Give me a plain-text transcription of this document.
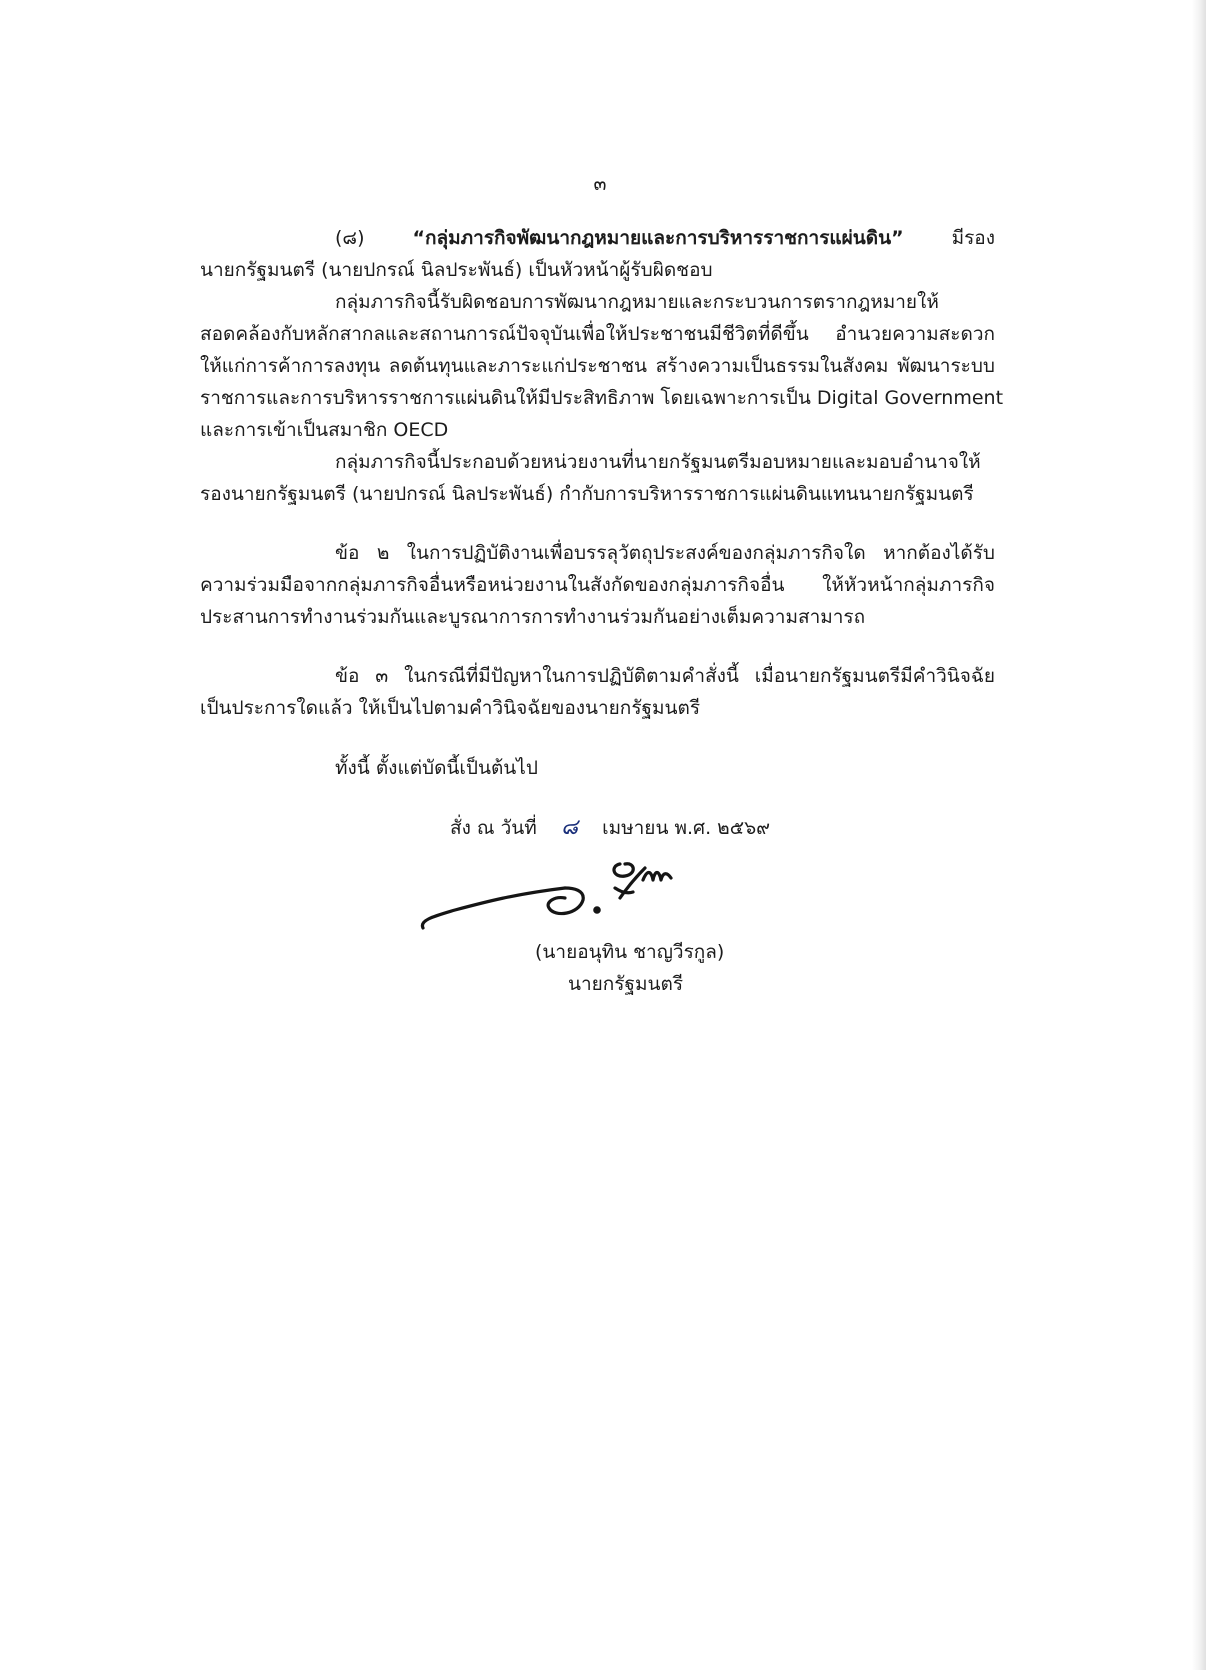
๓
(๘)	“กลุ่มภารกิจพัฒนากฎหมายและการบริหารราชการแผ่นดิน”	มีรอง
นายกรัฐมนตรี (นายปกรณ์ นิลประพันธ์) เป็นหัวหน้าผู้รับผิดชอบ
กลุ่มภารกิจนี้รับผิดชอบการพัฒนากฎหมายและกระบวนการตรากฎหมายให้
สอดคล้องกับหลักสากลและสถานการณ์ปัจจุบันเพื่อให้ประชาชนมีชีวิตที่ดีขึ้น อำนวยความสะดวก
ให้แก่การค้าการลงทุน ลดต้นทุนและภาระแก่ประชาชน สร้างความเป็นธรรมในสังคม พัฒนาระบบ
ราชการและการบริหารราชการแผ่นดินให้มีประสิทธิภาพ โดยเฉพาะการเป็น Digital Government
และการเข้าเป็นสมาชิก OECD
กลุ่มภารกิจนี้ประกอบด้วยหน่วยงานที่นายกรัฐมนตรีมอบหมายและมอบอำนาจให้
รองนายกรัฐมนตรี (นายปกรณ์ นิลประพันธ์) กำกับการบริหารราชการแผ่นดินแทนนายกรัฐมนตรี
ข้อ ๒ ในการปฏิบัติงานเพื่อบรรลุวัตถุประสงค์ของกลุ่มภารกิจใด หากต้องได้รับ
ความร่วมมือจากกลุ่มภารกิจอื่นหรือหน่วยงานในสังกัดของกลุ่มภารกิจอื่น ให้หัวหน้ากลุ่มภารกิจ
ประสานการทำงานร่วมกันและบูรณาการการทำงานร่วมกันอย่างเต็มความสามารถ
ข้อ ๓ ในกรณีที่มีปัญหาในการปฏิบัติตามคำสั่งนี้ เมื่อนายกรัฐมนตรีมีคำวินิจฉัย
เป็นประการใดแล้ว ให้เป็นไปตามคำวินิจฉัยของนายกรัฐมนตรี
ทั้งนี้ ตั้งแต่บัดนี้เป็นต้นไป
สั่ง ณ วันที่ ๘ เมษายน พ.ศ. ๒๕๖๙
(นายอนุทิน ชาญวีรกูล)
นายกรัฐมนตรี
